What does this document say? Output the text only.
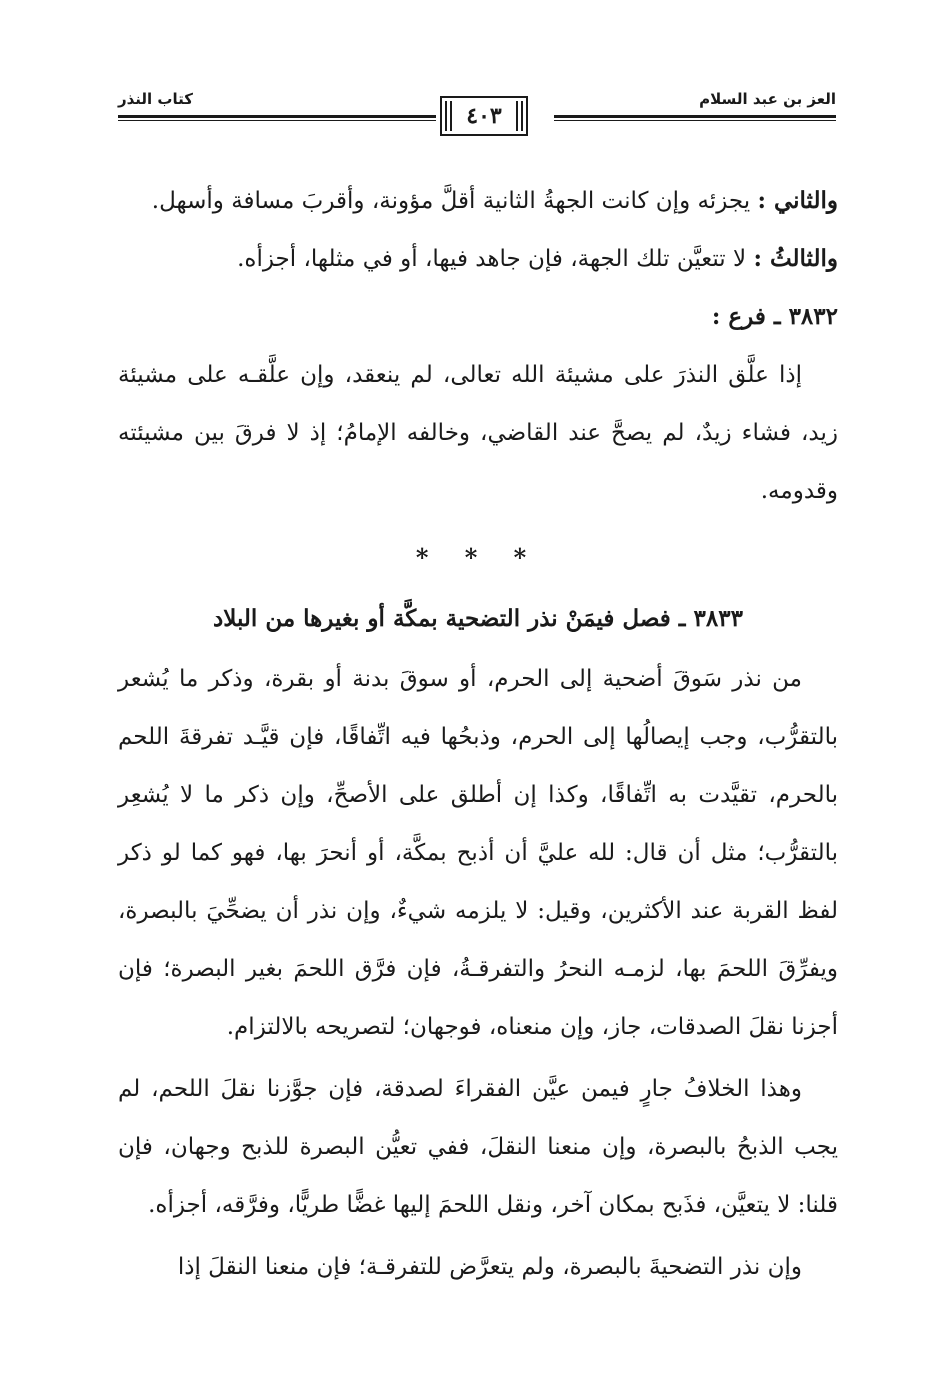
العز بن عبد السلام
كتاب النذر
٤٠٣

والثاني : يجزئه وإن كانت الجهةُ الثانية أقلَّ مؤونة، وأقربَ مسافة وأسهل.

والثالثُ : لا تتعيَّن تلك الجهة، فإن جاهد فيها، أو في مثلها، أجزأه.

٣٨٣٢ ـ فرع :

إذا علَّق النذرَ على مشيئة الله تعالى، لم ينعقد، وإن علَّقـه على مشيئة زيد، فشاء زيدٌ، لم يصحَّ عند القاضي، وخالفه الإمامُ؛ إذ لا فرقَ بين مشيئته وقدومه.

* * *

٣٨٣٣ ـ فصل فيمَنْ نذر التضحية بمكَّة أو بغيرها من البلاد

من نذر سَوقَ أضحية إلى الحرم، أو سوقَ بدنة أو بقرة، وذكر ما يُشعر بالتقرُّب، وجب إيصالُها إلى الحرم، وذبحُها فيه اتِّفاقًا، فإن قيَّـد تفرقةَ اللحم بالحرم، تقيَّدت به اتِّفاقًا، وكذا إن أطلق على الأصحِّ، وإن ذكر ما لا يُشعِر بالتقرُّب؛ مثل أن قال: لله عليَّ أن أذبح بمكَّة، أو أنحرَ بها، فهو كما لو ذكر لفظ القربة عند الأكثرين، وقيل: لا يلزمه شيءٌ، وإن نذر أن يضحِّيَ بالبصرة، ويفرِّقَ اللحمَ بها، لزمـه النحرُ والتفرقـةُ، فإن فرَّق اللحمَ بغير البصرة؛ فإن أجزنا نقلَ الصدقات، جاز، وإن منعناه، فوجهان؛ لتصريحه بالالتزام.

وهذا الخلافُ جارٍ فيمن عيَّن الفقراءَ لصدقة، فإن جوَّزنا نقلَ اللحم، لم يجب الذبحُ بالبصرة، وإن منعنا النقلَ، ففي تعيُّن البصرة للذبح وجهان، فإن قلنا: لا يتعيَّن، فذَبح بمكان آخر، ونقل اللحمَ إليها غضًّا طريًّا، وفرَّقه، أجزأه.

وإن نذر التضحيةَ بالبصرة، ولم يتعرَّض للتفرقـة؛ فإن منعنا النقلَ إذا
